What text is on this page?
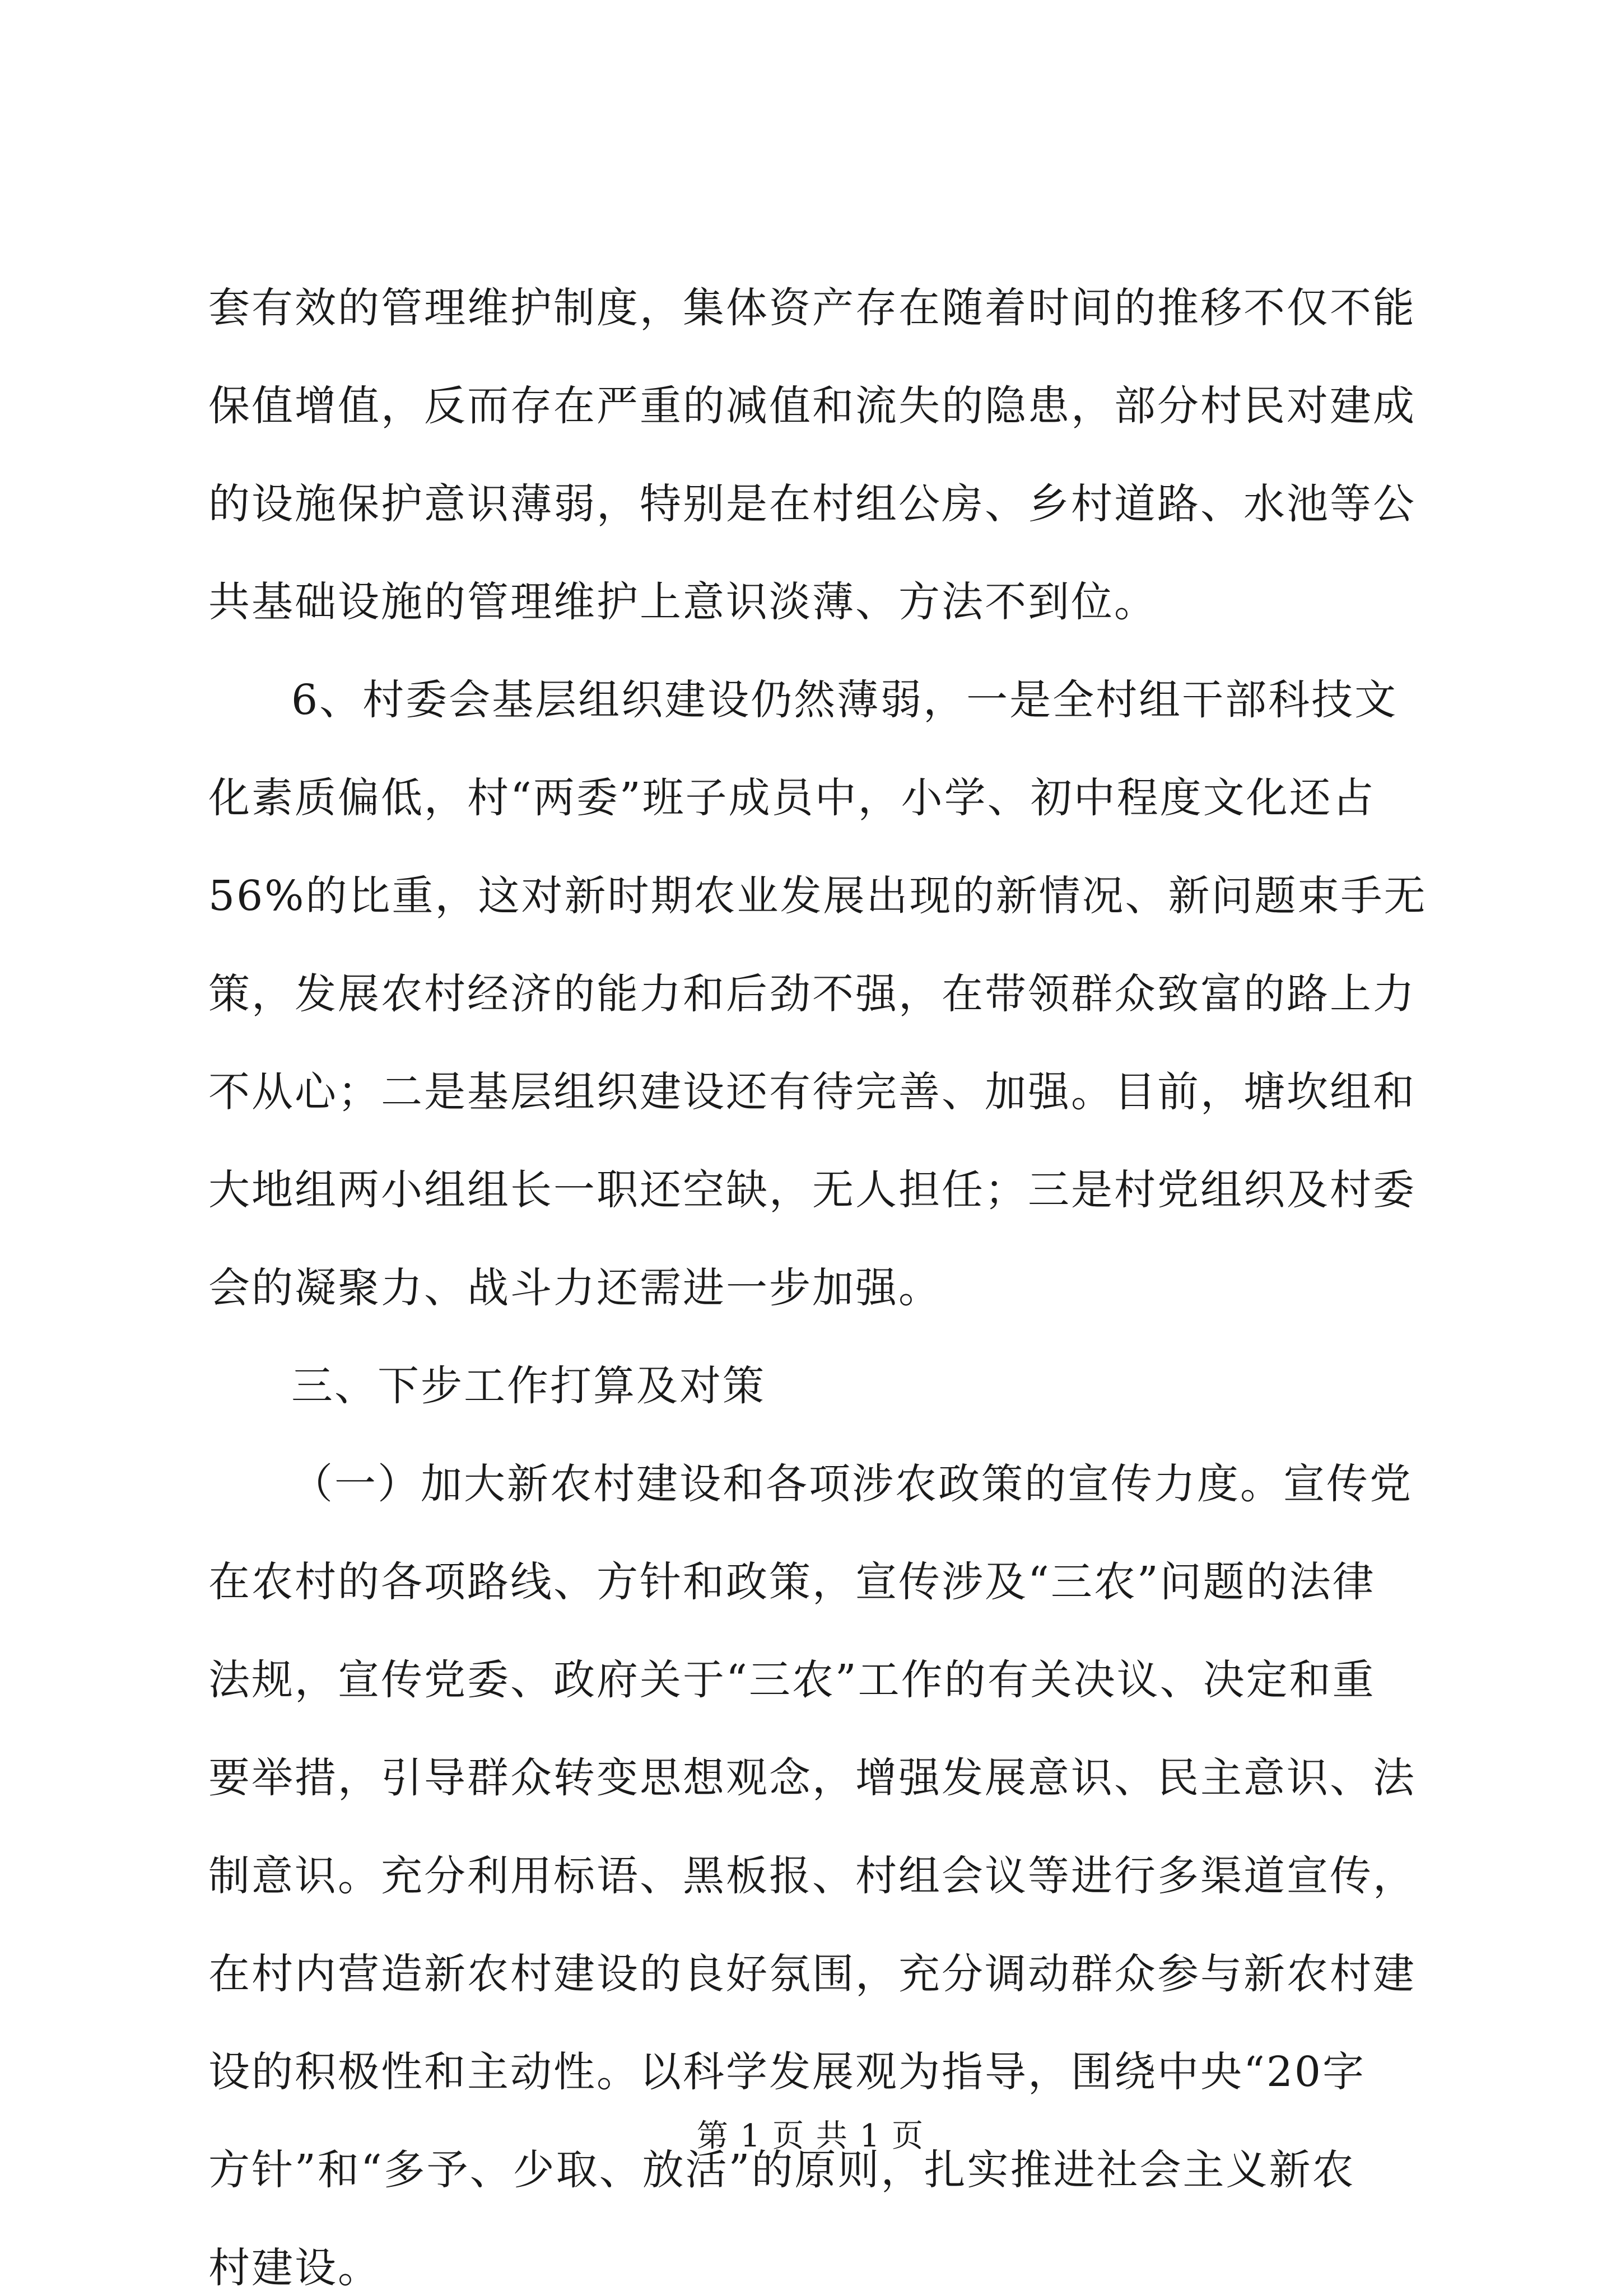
套有效的管理维护制度，集体资产存在随着时间的推移不仅不能
保值增值，反而存在严重的减值和流失的隐患，部分村民对建成
的设施保护意识薄弱，特别是在村组公房、乡村道路、水池等公
共基础设施的管理维护上意识淡薄、方法不到位。
6、村委会基层组织建设仍然薄弱，一是全村组干部科技文
化素质偏低，村“两委”班子成员中，小学、初中程度文化还占
56%的比重，这对新时期农业发展出现的新情况、新问题束手无
策，发展农村经济的能力和后劲不强，在带领群众致富的路上力
不从心；二是基层组织建设还有待完善、加强。目前，塘坎组和
大地组两小组组长一职还空缺，无人担任；三是村党组织及村委
会的凝聚力、战斗力还需进一步加强。
三、下步工作打算及对策
（一）加大新农村建设和各项涉农政策的宣传力度。宣传党
在农村的各项路线、方针和政策，宣传涉及“三农”问题的法律
法规，宣传党委、政府关于“三农”工作的有关决议、决定和重
要举措，引导群众转变思想观念，增强发展意识、民主意识、法
制意识。充分利用标语、黑板报、村组会议等进行多渠道宣传，
在村内营造新农村建设的良好氛围，充分调动群众参与新农村建
设的积极性和主动性。以科学发展观为指导，围绕中央“20字
方针”和“多予、少取、放活”的原则，扎实推进社会主义新农
村建设。
第 1 页 共 1 页
